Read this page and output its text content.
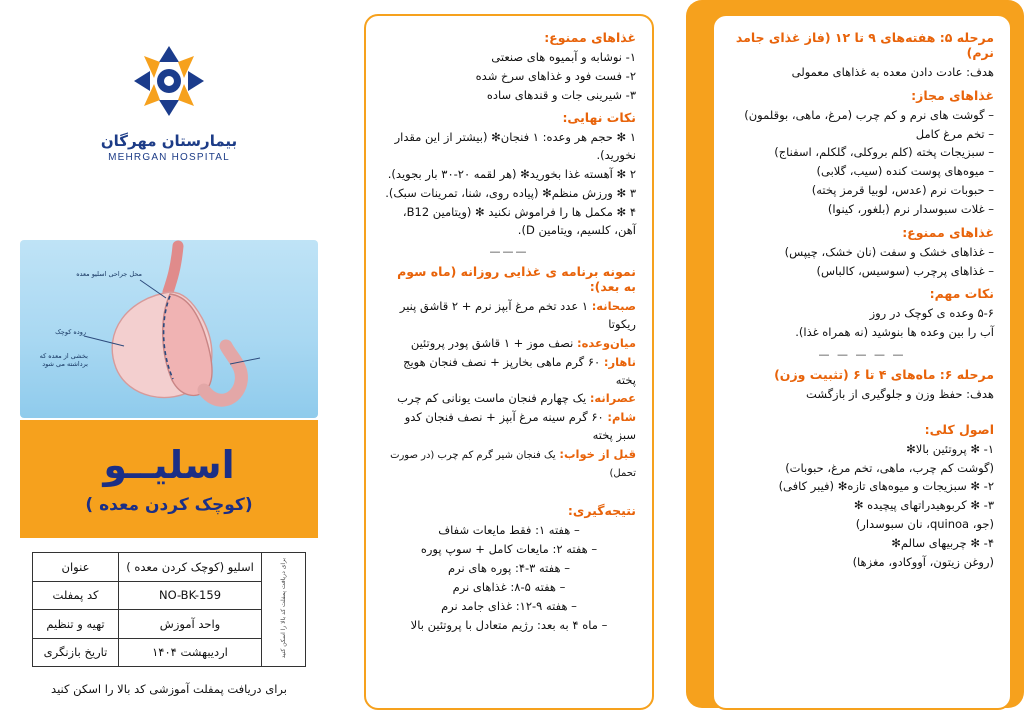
بیمارستان مهرگان
MEHRGAN HOSPITAL
محل جراحی اسلیو معده
روده کوچک
بخشی از معده که برداشته می شود
اسلیــو
(کوچک کردن معده )
برای دریافت پمفلت کد بالا را اسکن کنید	اسلیو (کوچک کردن معده )	عنوان
	NO-BK-159	کد پمفلت
	واحد آموزش	تهیه و تنظیم
	اردیبهشت ۱۴۰۴	تاریخ بازنگری
برای دریافت پمفلت آموزشی کد بالا را اسکن کنید
غذاهای ممنوع:
۱- نوشابه و آبمیوه های صنعتی
۲- فست فود و غذاهای سرخ شده
۳- شیرینی جات و قندهای ساده
نکات نهایی:
۱ ✻ حجم هر وعده: ۱ فنجان✻ (بیشتر از این مقدار نخورید).
۲ ✻ آهسته غذا بخورید✻ (هر لقمه ۲۰-۳۰ بار بجوید).
۳ ✻ ورزش منظم✻ (پیاده روی، شنا، تمرینات سبک).
۴ ✻ مکمل ها را فراموش نکنید ✻ (ویتامین B12، آهن، کلسیم، ویتامین D).
———
نمونه برنامه ی غذایی روزانه (ماه سوم به بعد):
صبحانه: ۱ عدد تخم مرغ آبپز نرم + ۲ قاشق پنیر ریکوتا
میان‌وعده: نصف موز + ۱ قاشق پودر پروتئین
ناهار: ۶۰ گرم ماهی بخارپز + نصف فنجان هویج پخته
عصرانه: یک چهارم فنجان ماست یونانی کم چرب
شام: ۶۰ گرم سینه مرغ آبپز + نصف فنجان کدو سبز پخته
قبل از خواب: یک فنجان شیر گرم کم چرب (در صورت تحمل)
نتیجه‌گیری:
– هفته ۱: فقط مایعات شفاف
– هفته ۲: مایعات کامل + سوپ پوره
– هفته ۳-۴: پوره های نرم
– هفته ۵-۸: غذاهای نرم
– هفته ۹-۱۲: غذای جامد نرم
– ماه ۴ به بعد: رژیم متعادل با پروتئین بالا
مرحله ۵: هفته‌های ۹ تا ۱۲ (فاز غذای جامد نرم)
هدف: عادت دادن معده به غذاهای معمولی
غذاهای مجاز:
– گوشت های نرم و کم چرب (مرغ، ماهی، بوقلمون)
– تخم مرغ کامل
– سبزیجات پخته (کلم بروکلی، گلکلم، اسفناج)
– میوه‌های پوست کنده (سیب، گلابی)
– حبوبات نرم (عدس، لوبیا قرمز پخته)
– غلات سبوسدار نرم (بلغور، کینوا)
غذاهای ممنوع:
– غذاهای خشک و سفت (نان خشک، چیپس)
– غذاهای پرچرب (سوسیس، کالباس)
نکات مهم:
۵-۶ وعده ی کوچک در روز
آب را بین وعده ها بنوشید (نه همراه غذا).
— — — — —
مرحله ۶: ماه‌های ۴ تا ۶ (تثبیت وزن)
هدف: حفظ وزن و جلوگیری از بازگشت
اصول کلی:
۱- ✻ پروتئین بالا✻
(گوشت کم چرب، ماهی، تخم مرغ، حبوبات)
۲- ✻ سبزیجات و میوه‌های تازه✻ (فیبر کافی)
۳- ✻ کربوهیدراتهای پیچیده ✻
(جو، quinoa، نان سبوسدار)
۴- ✻ چربیهای سالم✻
(روغن زیتون، آووکادو، مغزها)
